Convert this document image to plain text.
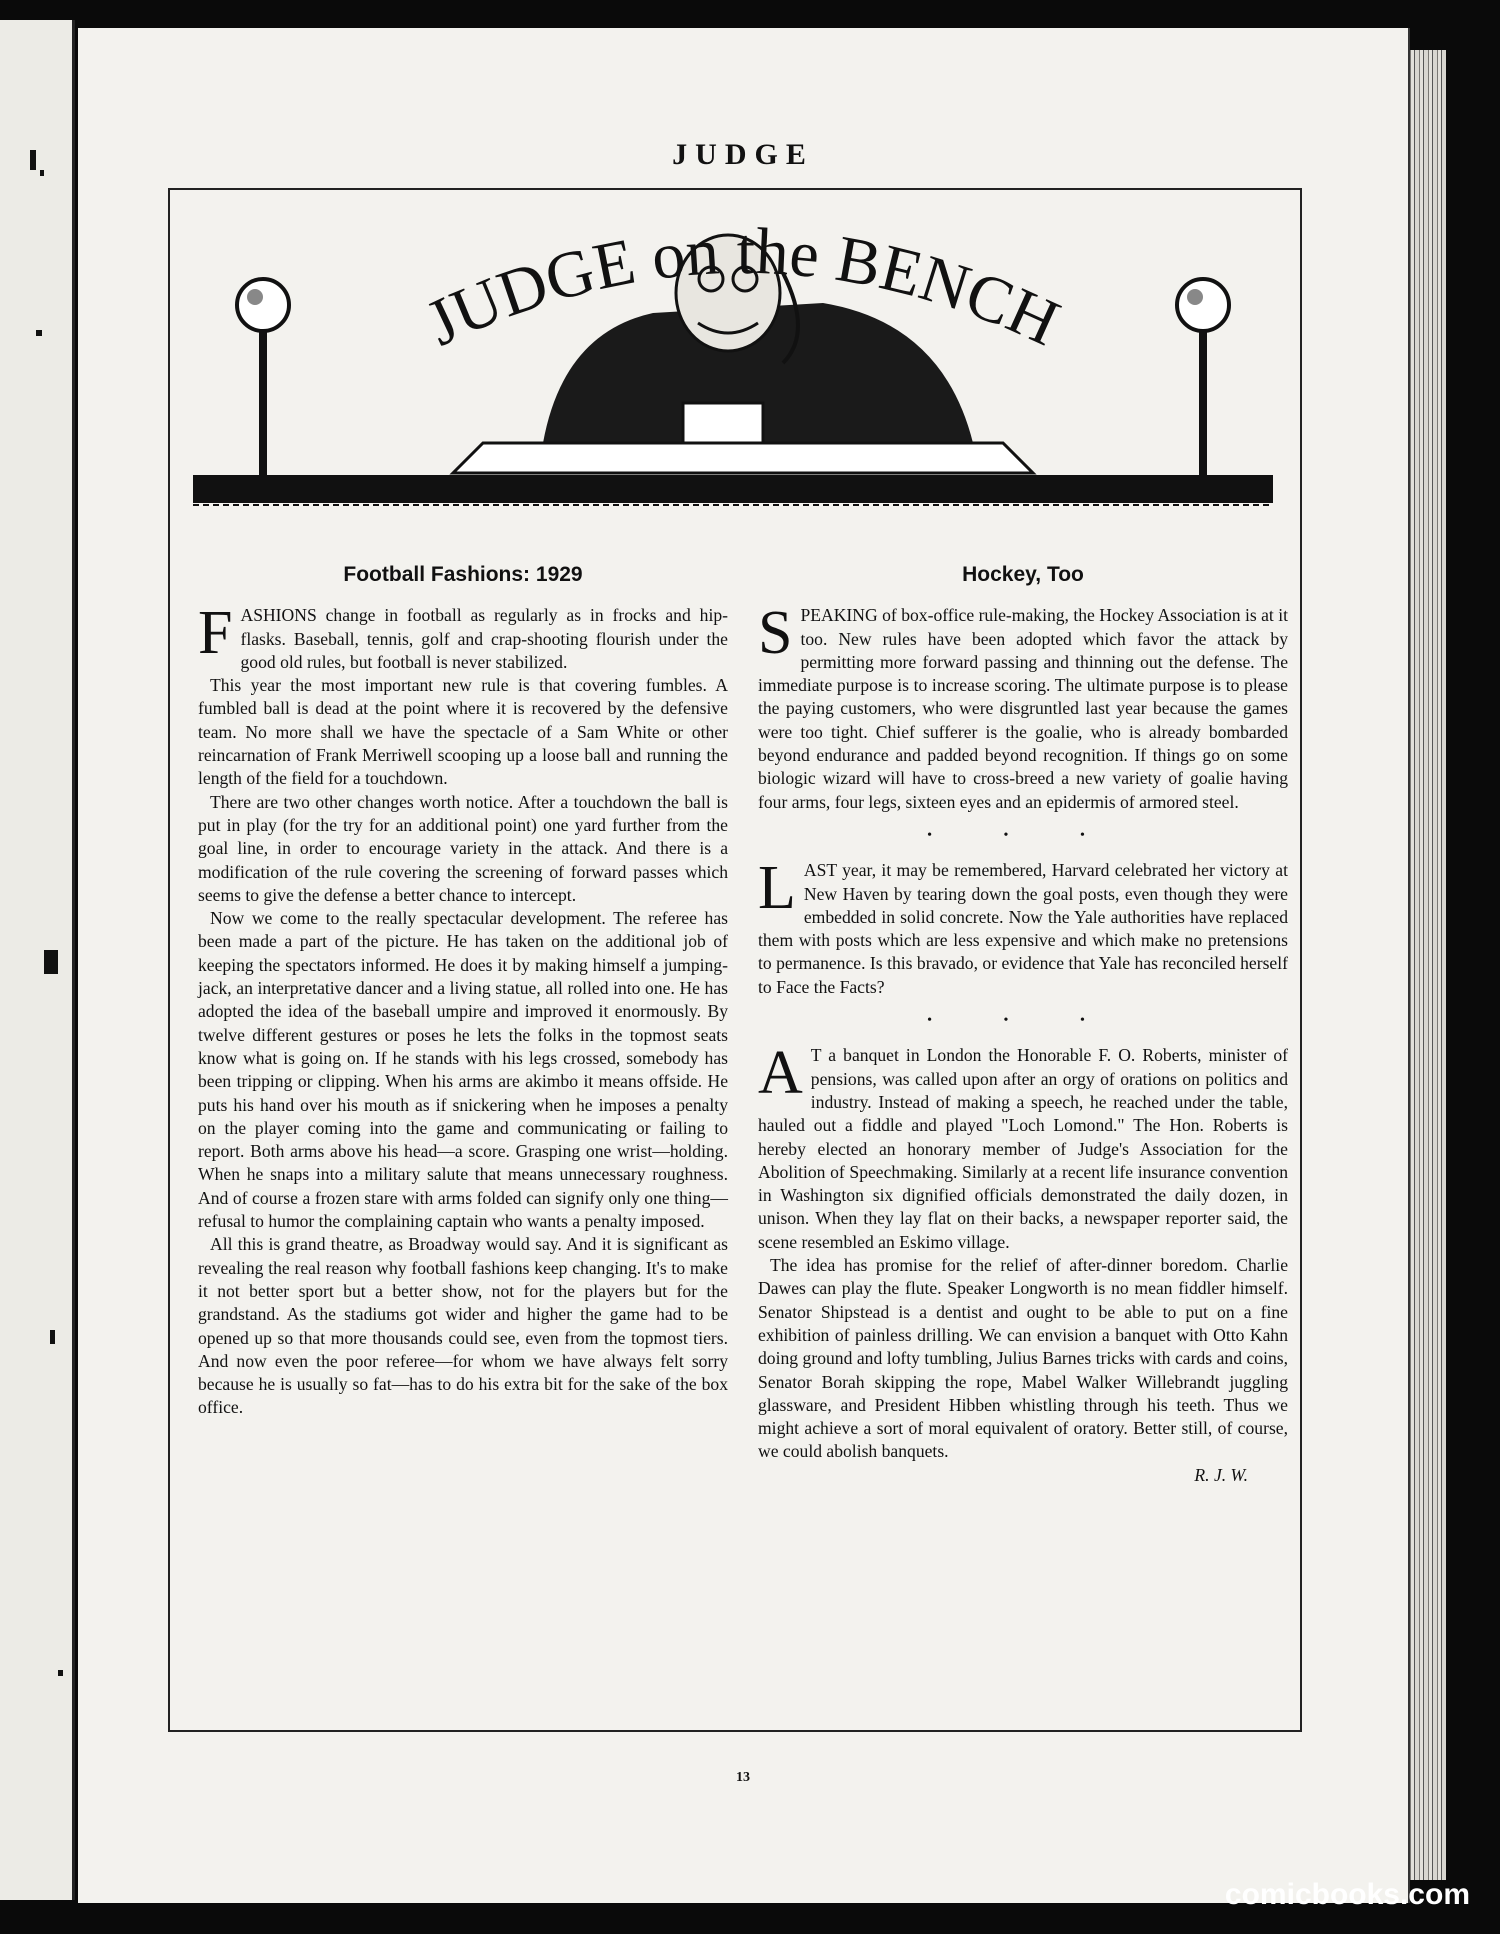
JUDGE
JUDGE on the BENCH
Football Fashions: 1929

FASHIONS change in football as regularly as in frocks and hip-flasks. Baseball, tennis, golf and crap-shooting flourish under the good old rules, but football is never stabilized.

This year the most important new rule is that covering fumbles. A fumbled ball is dead at the point where it is recovered by the defensive team. No more shall we have the spectacle of a Sam White or other reincarnation of Frank Merriwell scooping up a loose ball and running the length of the field for a touchdown.

There are two other changes worth notice. After a touchdown the ball is put in play (for the try for an additional point) one yard further from the goal line, in order to encourage variety in the attack. And there is a modification of the rule covering the screening of forward passes which seems to give the defense a better chance to intercept.

Now we come to the really spectacular development. The referee has been made a part of the picture. He has taken on the additional job of keeping the spectators informed. He does it by making himself a jumping-jack, an interpretative dancer and a living statue, all rolled into one. He has adopted the idea of the baseball umpire and improved it enormously. By twelve different gestures or poses he lets the folks in the topmost seats know what is going on. If he stands with his legs crossed, somebody has been tripping or clipping. When his arms are akimbo it means offside. He puts his hand over his mouth as if snickering when he imposes a penalty on the player coming into the game and communicating or failing to report. Both arms above his head—a score. Grasping one wrist—holding. When he snaps into a military salute that means unnecessary roughness. And of course a frozen stare with arms folded can signify only one thing—refusal to humor the complaining captain who wants a penalty imposed.

All this is grand theatre, as Broadway would say. And it is significant as revealing the real reason why football fashions keep changing. It's to make it not better sport but a better show, not for the players but for the grandstand. As the stadiums got wider and higher the game had to be opened up so that more thousands could see, even from the topmost tiers. And now even the poor referee—for whom we have always felt sorry because he is usually so fat—has to do his extra bit for the sake of the box office.

Hockey, Too

SPEAKING of box-office rule-making, the Hockey Association is at it too. New rules have been adopted which favor the attack by permitting more forward passing and thinning out the defense. The immediate purpose is to increase scoring. The ultimate purpose is to please the paying customers, who were disgruntled last year because the games were too tight. Chief sufferer is the goalie, who is already bombarded beyond endurance and padded beyond recognition. If things go on some biologic wizard will have to cross-breed a new variety of goalie having four arms, four legs, sixteen eyes and an epidermis of armored steel.

• • •

LAST year, it may be remembered, Harvard celebrated her victory at New Haven by tearing down the goal posts, even though they were embedded in solid concrete. Now the Yale authorities have replaced them with posts which are less expensive and which make no pretensions to permanence. Is this bravado, or evidence that Yale has reconciled herself to Face the Facts?

• • •

A T a banquet in London the Honorable F. O. Roberts, minister of pensions, was called upon after an orgy of orations on politics and industry. Instead of making a speech, he reached under the table, hauled out a fiddle and played "Loch Lomond." The Hon. Roberts is hereby elected an honorary member of Judge's Association for the Abolition of Speechmaking. Similarly at a recent life insurance convention in Washington six dignified officials demonstrated the daily dozen, in unison. When they lay flat on their backs, a newspaper reporter said, the scene resembled an Eskimo village.

The idea has promise for the relief of after-dinner boredom. Charlie Dawes can play the flute. Speaker Longworth is no mean fiddler himself. Senator Shipstead is a dentist and ought to be able to put on a fine exhibition of painless drilling. We can envision a banquet with Otto Kahn doing ground and lofty tumbling, Julius Barnes tricks with cards and coins, Senator Borah skipping the rope, Mabel Walker Willebrandt juggling glassware, and President Hibben whistling through his teeth. Thus we might achieve a sort of moral equivalent of oratory. Better still, of course, we could abolish banquets.

R. J. W.
13
comicbooks.com
